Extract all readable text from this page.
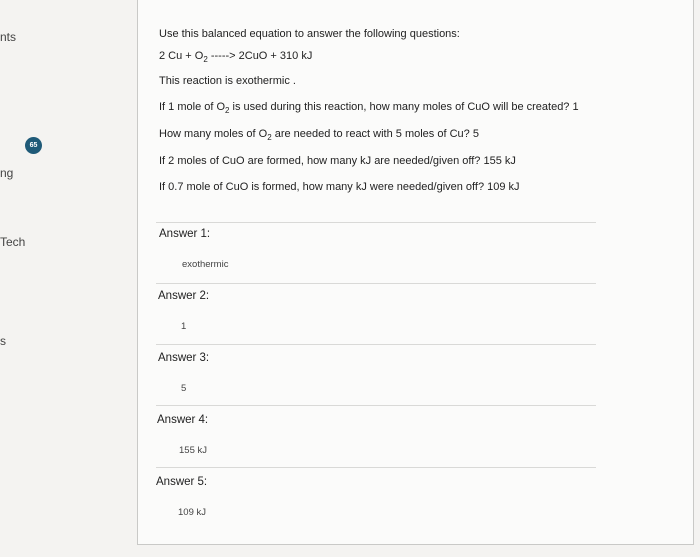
nts
ng
Tech
s
65
Use this balanced equation to answer the following questions:
2 $Cu + O_2$ -----> 2CuO + 310 kJ
This reaction is exothermic .
If 1 mole of $O_2$ is used during this reaction, how many moles of CuO will be created? 1
How many moles of $O_2$ are needed to react with 5 moles of Cu? 5
If 2 moles of CuO are formed, how many kJ are needed/given off? 155 kJ
If 0.7 mole of CuO is formed, how many kJ were needed/given off? 109 kJ
Answer 1:
exothermic
Answer 2:
1
Answer 3:
5
Answer 4:
155 kJ
Answer 5:
109 kJ
